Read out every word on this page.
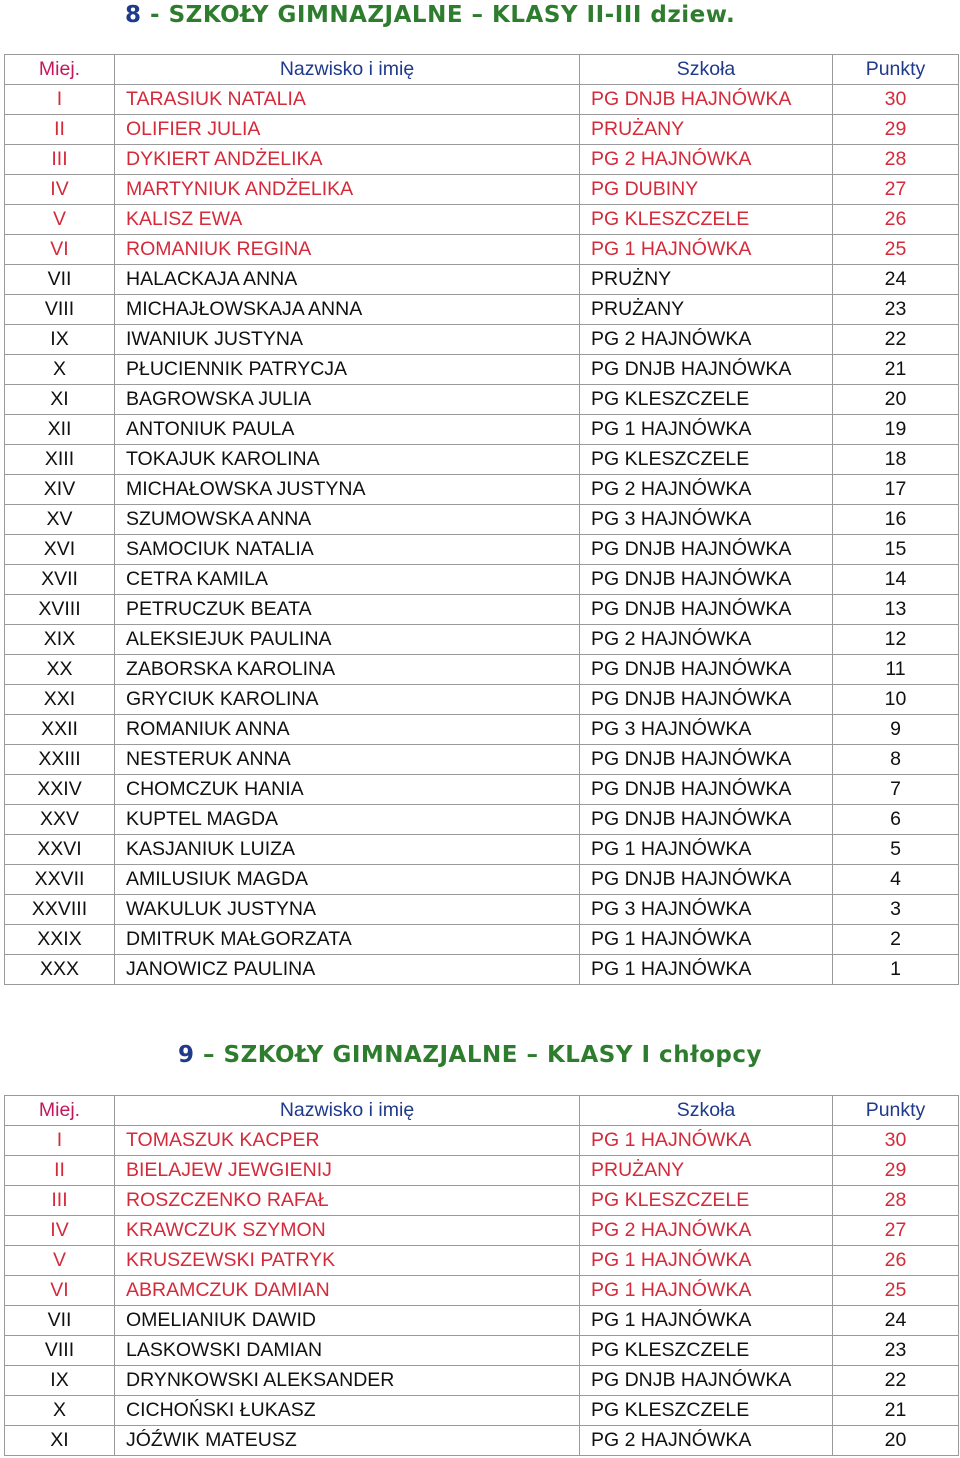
8 - SZKOŁY GIMNAZJALNE – KLASY II-III dziew.
Miej.	Nazwisko i imię	Szkoła	Punkty
I	TARASIUK NATALIA	PG DNJB HAJNÓWKA	30
II	OLIFIER JULIA	PRUŻANY	29
III	DYKIERT ANDŻELIKA	PG 2 HAJNÓWKA	28
IV	MARTYNIUK ANDŻELIKA	PG DUBINY	27
V	KALISZ EWA	PG KLESZCZELE	26
VI	ROMANIUK REGINA	PG 1 HAJNÓWKA	25
VII	HALACKAJA ANNA	PRUŻNY	24
VIII	MICHAJŁOWSKAJA ANNA	PRUŻANY	23
IX	IWANIUK JUSTYNA	PG 2 HAJNÓWKA	22
X	PŁUCIENNIK PATRYCJA	PG DNJB HAJNÓWKA	21
XI	BAGROWSKA JULIA	PG KLESZCZELE	20
XII	ANTONIUK PAULA	PG 1 HAJNÓWKA	19
XIII	TOKAJUK KAROLINA	PG KLESZCZELE	18
XIV	MICHAŁOWSKA JUSTYNA	PG 2 HAJNÓWKA	17
XV	SZUMOWSKA ANNA	PG 3 HAJNÓWKA	16
XVI	SAMOCIUK NATALIA	PG DNJB HAJNÓWKA	15
XVII	CETRA KAMILA	PG DNJB HAJNÓWKA	14
XVIII	PETRUCZUK BEATA	PG DNJB HAJNÓWKA	13
XIX	ALEKSIEJUK PAULINA	PG 2 HAJNÓWKA	12
XX	ZABORSKA KAROLINA	PG DNJB HAJNÓWKA	11
XXI	GRYCIUK KAROLINA	PG DNJB HAJNÓWKA	10
XXII	ROMANIUK ANNA	PG 3 HAJNÓWKA	9
XXIII	NESTERUK ANNA	PG DNJB HAJNÓWKA	8
XXIV	CHOMCZUK HANIA	PG DNJB HAJNÓWKA	7
XXV	KUPTEL MAGDA	PG DNJB HAJNÓWKA	6
XXVI	KASJANIUK LUIZA	PG 1 HAJNÓWKA	5
XXVII	AMILUSIUK MAGDA	PG DNJB HAJNÓWKA	4
XXVIII	WAKULUK JUSTYNA	PG 3 HAJNÓWKA	3
XXIX	DMITRUK MAŁGORZATA	PG 1 HAJNÓWKA	2
XXX	JANOWICZ PAULINA	PG 1 HAJNÓWKA	1
9 – SZKOŁY GIMNAZJALNE – KLASY I chłopcy
Miej.	Nazwisko i imię	Szkoła	Punkty
I	TOMASZUK KACPER	PG 1 HAJNÓWKA	30
II	BIELAJEW JEWGIENIJ	PRUŻANY	29
III	ROSZCZENKO RAFAŁ	PG KLESZCZELE	28
IV	KRAWCZUK SZYMON	PG 2 HAJNÓWKA	27
V	KRUSZEWSKI PATRYK	PG 1 HAJNÓWKA	26
VI	ABRAMCZUK DAMIAN	PG 1 HAJNÓWKA	25
VII	OMELIANIUK DAWID	PG 1 HAJNÓWKA	24
VIII	LASKOWSKI DAMIAN	PG KLESZCZELE	23
IX	DRYNKOWSKI ALEKSANDER	PG DNJB HAJNÓWKA	22
X	CICHOŃSKI ŁUKASZ	PG KLESZCZELE	21
XI	JÓŹWIK MATEUSZ	PG 2 HAJNÓWKA	20
